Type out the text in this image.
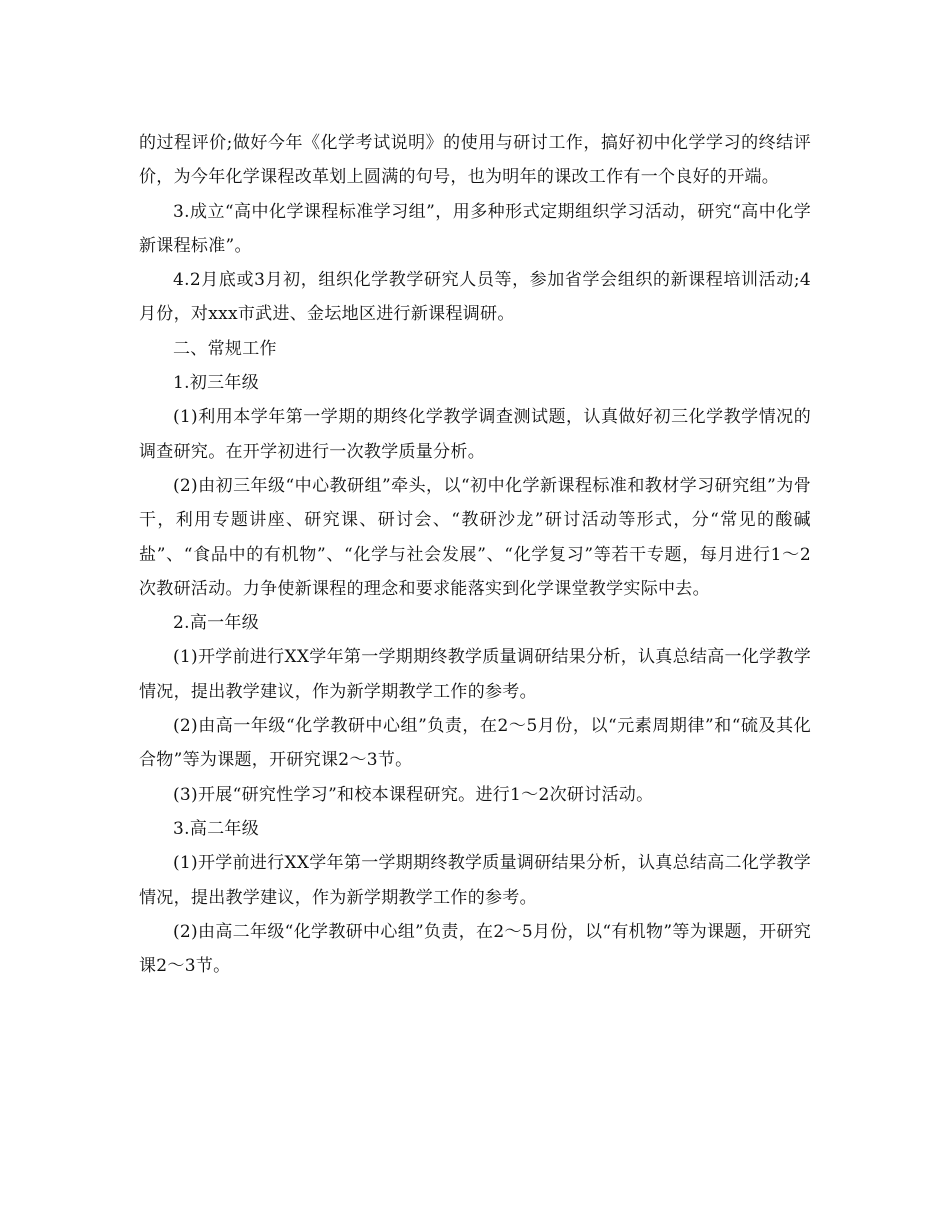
的过程评价;做好今年《化学考试说明》的使用与研讨工作，搞好初中化学学习的终结评价，为今年化学课程改革划上圆满的句号，也为明年的课改工作有一个良好的开端。

3.成立“高中化学课程标准学习组”，用多种形式定期组织学习活动，研究“高中化学新课程标准”。

4.2月底或3月初，组织化学教学研究人员等，参加省学会组织的新课程培训活动;4月份，对xxx市武进、金坛地区进行新课程调研。

二、常规工作

1.初三年级

(1)利用本学年第一学期的期终化学教学调查测试题，认真做好初三化学教学情况的调查研究。在开学初进行一次教学质量分析。

(2)由初三年级“中心教研组”牵头，以“初中化学新课程标准和教材学习研究组”为骨干，利用专题讲座、研究课、研讨会、“教研沙龙”研讨活动等形式，分“常见的酸碱盐”、“食品中的有机物”、“化学与社会发展”、“化学复习”等若干专题，每月进行1～2次教研活动。力争使新课程的理念和要求能落实到化学课堂教学实际中去。

2.高一年级

(1)开学前进行XX学年第一学期期终教学质量调研结果分析，认真总结高一化学教学情况，提出教学建议，作为新学期教学工作的参考。

(2)由高一年级“化学教研中心组”负责，在2～5月份，以“元素周期律”和“硫及其化合物”等为课题，开研究课2～3节。

(3)开展“研究性学习”和校本课程研究。进行1～2次研讨活动。

3.高二年级

(1)开学前进行XX学年第一学期期终教学质量调研结果分析，认真总结高二化学教学情况，提出教学建议，作为新学期教学工作的参考。

(2)由高二年级“化学教研中心组”负责，在2～5月份，以“有机物”等为课题，开研究课2～3节。
